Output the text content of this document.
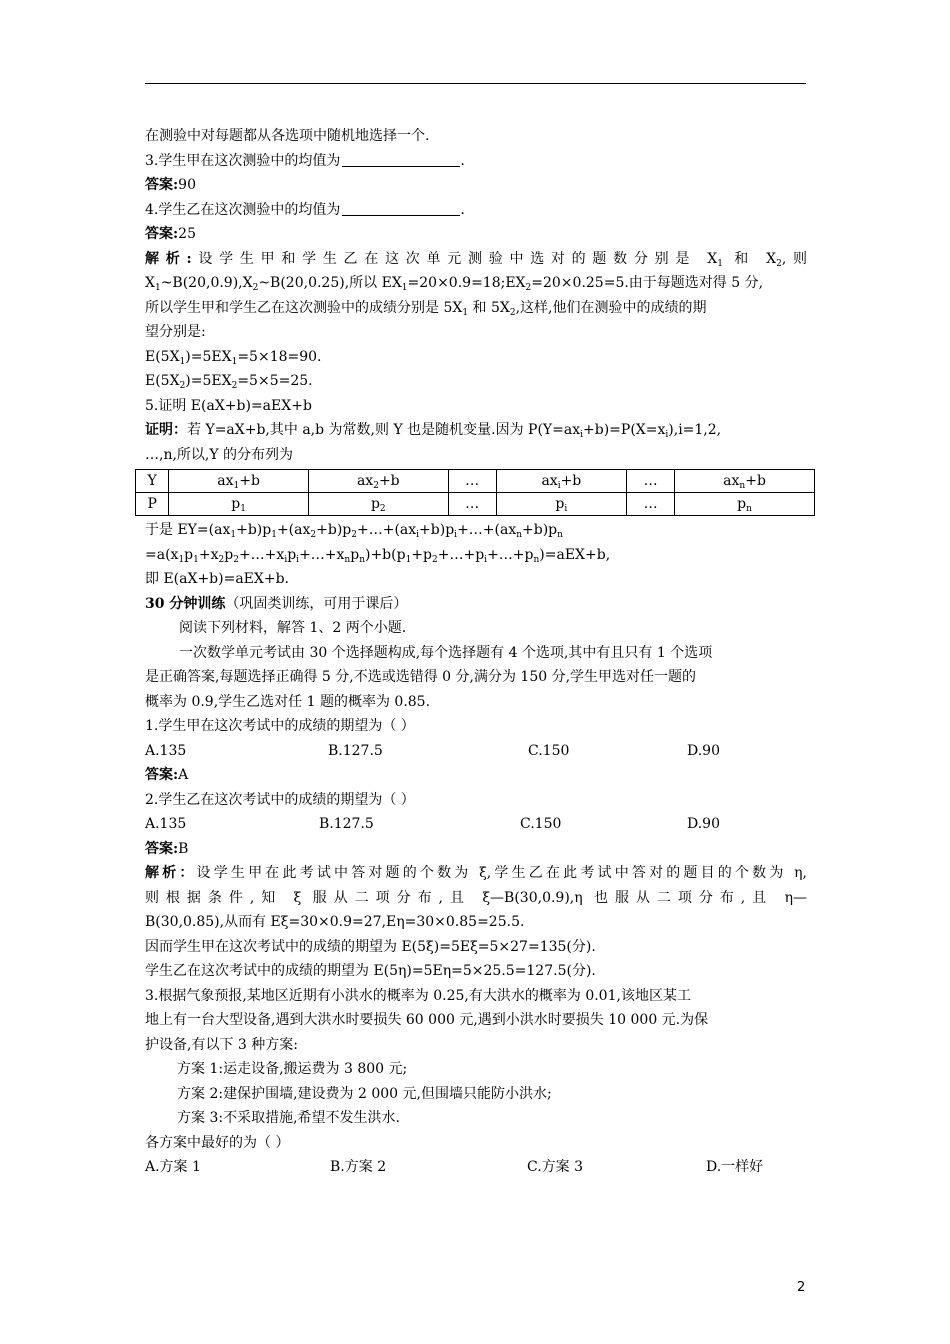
在测验中对每题都从各选项中随机地选择一个.

3.学生甲在这次测验中的均值为	.

答案:90

4.学生乙在这次测验中的均值为	.

答案:25

解析:设学生甲和学生乙在这次单元测验中选对的题数分别是 $X_1$ 和 $X_2$,则

$X_1\sim B(20,0.9),X_2\sim B(20,0.25)$,所以 $EX_1=20\times 0.9=18;EX_2=20\times 0.25=5$.由于每题选对得 5 分,

所以学生甲和学生乙在这次测验中的成绩分别是 $5X_1$ 和 $5X_2$,这样,他们在测验中的成绩的期

望分别是:

$E(5X_1)=5EX_1=5\times 18=90$.

$E(5X_2)=5EX_2=5\times 5=25$.

5.证明 E(aX+b)=aEX+b

证明：若 Y=aX+b,其中 a,b 为常数,则 Y 也是随机变量.因为 $P(Y=ax_i+b)=P(X=x_i),i=1,2$,

…,n,所以,Y 的分布列为

Y	$ax_1+b$	$ax_2+b$	…	$ax_i+b$	…	$ax_n+b$
P	$p_1$	$p_2$	…	$p_i$	…	$p_n$

于是 $EY=(ax_1+b)p_1+(ax_2+b)p_2+\dots+(ax_i+b)p_i+\dots+(ax_n+b)p_n$

$=a(x_1p_1+x_2p_2+\dots+x_ip_i+\dots+x_np_n)+b(p_1+p_2+\dots+p_i+\dots+p_n)=aEX+b$,

即 E(aX+b)=aEX+b.

30 分钟训练（巩固类训练，可用于课后）

阅读下列材料，解答 1、2 两个小题.

一次数学单元考试由 30 个选择题构成,每个选择题有 4 个选项,其中有且只有 1 个选项

是正确答案,每题选择正确得 5 分,不选或选错得 0 分,满分为 150 分,学生甲选对任一题的

概率为 0.9,学生乙选对任 1 题的概率为 0.85.

1.学生甲在这次考试中的成绩的期望为（ ）

A.135	B.127.5	C.150	D.90

答案:A

2.学生乙在这次考试中的成绩的期望为（ ）

A.135	B.127.5	C.150	D.90

答案:B

解析：设学生甲在此考试中答对题的个数为 ξ,学生乙在此考试中答对的题目的个数为 η,

则根据条件,知 ξ 服从二项分布,且 ξ—B(30,0.9),η 也服从二项分布,且 η—

B(30,0.85),从而有 Eξ=30×0.9=27,Eη=30×0.85=25.5.

因而学生甲在这次考试中的成绩的期望为 E(5ξ)=5Eξ=5×27=135(分).

学生乙在这次考试中的成绩的期望为 E(5η)=5Eη=5×25.5=127.5(分).

3.根据气象预报,某地区近期有小洪水的概率为 0.25,有大洪水的概率为 0.01,该地区某工

地上有一台大型设备,遇到大洪水时要损失 60 000 元,遇到小洪水时要损失 10 000 元.为保

护设备,有以下 3 种方案:

方案 1:运走设备,搬运费为 3 800 元;

方案 2:建保护围墙,建设费为 2 000 元,但围墙只能防小洪水;

方案 3:不采取措施,希望不发生洪水.

各方案中最好的为（ ）

A.方案 1	B.方案 2	C.方案 3	D.一样好
2
